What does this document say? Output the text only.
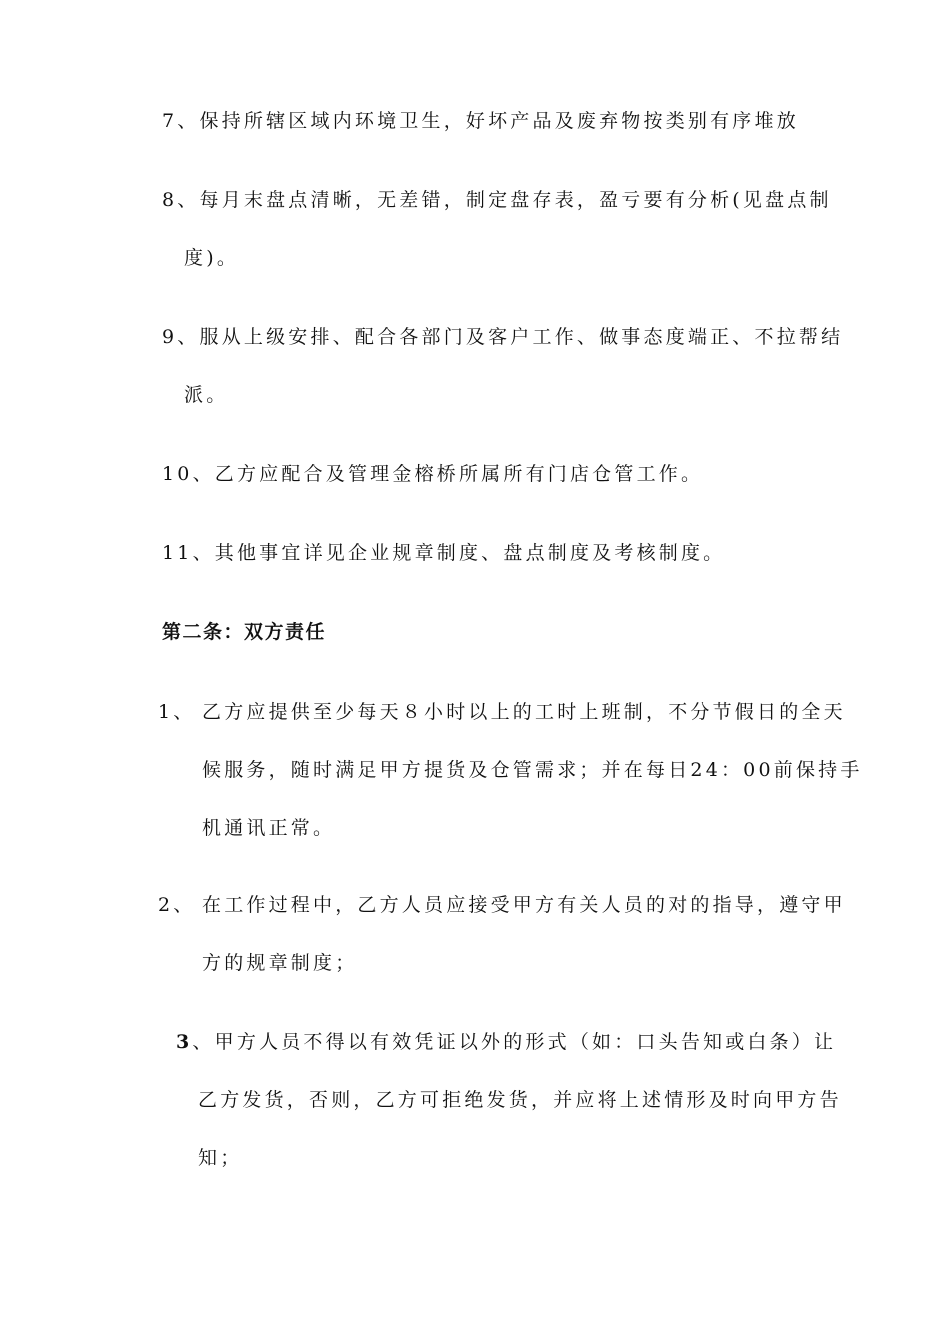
7、保持所辖区域内环境卫生，好坏产品及废弃物按类别有序堆放
8、每月末盘点清晰，无差错，制定盘存表，盈亏要有分析(见盘点制
度)。
9、服从上级安排、配合各部门及客户工作、做事态度端正、不拉帮结
派。
10、乙方应配合及管理金榕桥所属所有门店仓管工作。
11、其他事宜详见企业规章制度、盘点制度及考核制度。
第二条：双方责任
1、 乙方应提供至少每天８小时以上的工时上班制，不分节假日的全天
候服务，随时满足甲方提货及仓管需求；并在每日24：00前保持手
机通讯正常。
2、 在工作过程中，乙方人员应接受甲方有关人员的对的指导，遵守甲
方的规章制度；
3、甲方人员不得以有效凭证以外的形式（如：口头告知或白条）让
乙方发货，否则，乙方可拒绝发货，并应将上述情形及时向甲方告
知；
